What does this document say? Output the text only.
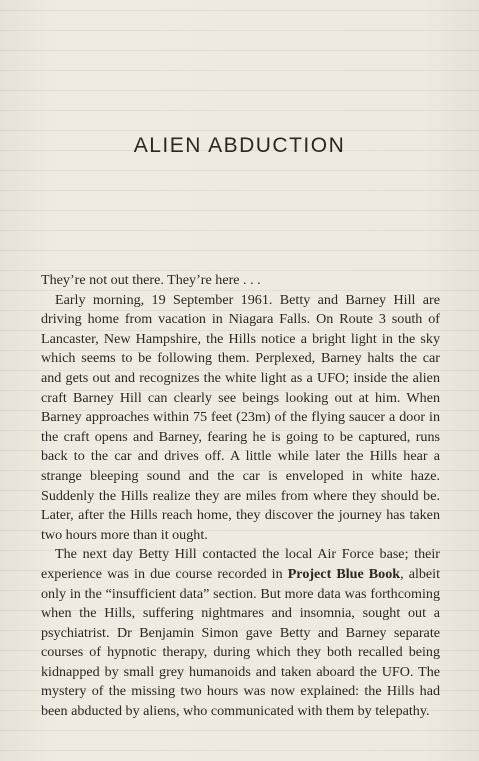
ALIEN ABDUCTION

They’re not out there. They’re here . . .

Early morning, 19 September 1961. Betty and Barney Hill are driving home from vacation in Niagara Falls. On Route 3 south of Lancaster, New Hampshire, the Hills notice a bright light in the sky which seems to be following them. Perplexed, Barney halts the car and gets out and recognizes the white light as a UFO; inside the alien craft Barney Hill can clearly see beings looking out at him. When Barney approaches within 75 feet (23m) of the flying saucer a door in the craft opens and Barney, fearing he is going to be captured, runs back to the car and drives off. A little while later the Hills hear a strange bleeping sound and the car is enveloped in white haze. Suddenly the Hills realize they are miles from where they should be. Later, after the Hills reach home, they discover the journey has taken two hours more than it ought.

The next day Betty Hill contacted the local Air Force base; their experience was in due course recorded in Project Blue Book, albeit only in the “insufficient data” section. But more data was forthcoming when the Hills, suffering nightmares and insomnia, sought out a psychiatrist. Dr Benjamin Simon gave Betty and Barney separate courses of hypnotic therapy, during which they both recalled being kidnapped by small grey humanoids and taken aboard the UFO. The mystery of the missing two hours was now explained: the Hills had been abducted by aliens, who communicated with them by telepathy.
